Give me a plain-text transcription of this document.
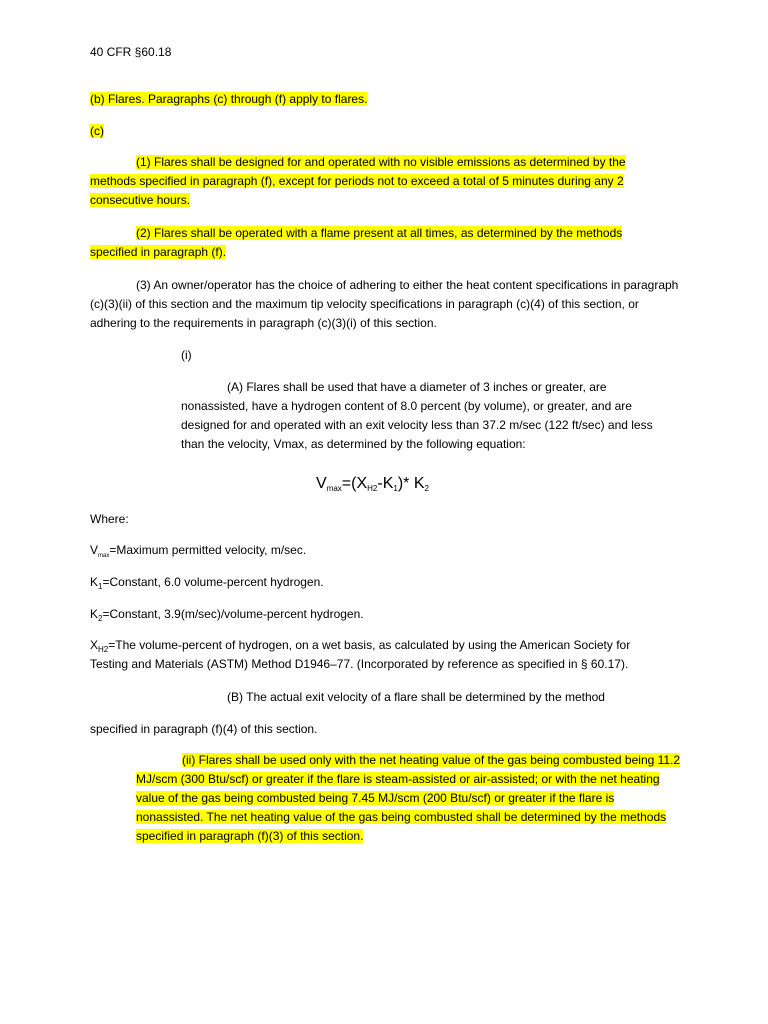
40 CFR §60.18

(b) Flares. Paragraphs (c) through (f) apply to flares.

(c)

(1) Flares shall be designed for and operated with no visible emissions as determined by the methods specified in paragraph (f), except for periods not to exceed a total of 5 minutes during any 2 consecutive hours.

(2) Flares shall be operated with a flame present at all times, as determined by the methods specified in paragraph (f).

(3) An owner/operator has the choice of adhering to either the heat content specifications in paragraph (c)(3)(ii) of this section and the maximum tip velocity specifications in paragraph (c)(4) of this section, or adhering to the requirements in paragraph (c)(3)(i) of this section.

(i)

(A) Flares shall be used that have a diameter of 3 inches or greater, are nonassisted, have a hydrogen content of 8.0 percent (by volume), or greater, and are designed for and operated with an exit velocity less than 37.2 m/sec (122 ft/sec) and less than the velocity, Vmax, as determined by the following equation:

$V_{max}=(X_{H2}-K_1)*$ $K_2$

Where:

$V_{max}=Maximum$ permitted velocity, m/sec.

$K_1=Constant$, 6.0 volume-percent hydrogen.

$K_2=Constant$, 3.9(m/sec)/volume-percent hydrogen.

$X_{H2}=The$ volume-percent of hydrogen, on a wet basis, as calculated by using the American Society for Testing and Materials (ASTM) Method D1946–77. (Incorporated by reference as specified in § 60.17).

(B) The actual exit velocity of a flare shall be determined by the method

specified in paragraph (f)(4) of this section.

(ii) Flares shall be used only with the net heating value of the gas being combusted being 11.2 MJ/scm (300 Btu/scf) or greater if the flare is steam-assisted or air-assisted; or with the net heating value of the gas being combusted being 7.45 MJ/scm (200 Btu/scf) or greater if the flare is nonassisted. The net heating value of the gas being combusted shall be determined by the methods specified in paragraph (f)(3) of this section.
